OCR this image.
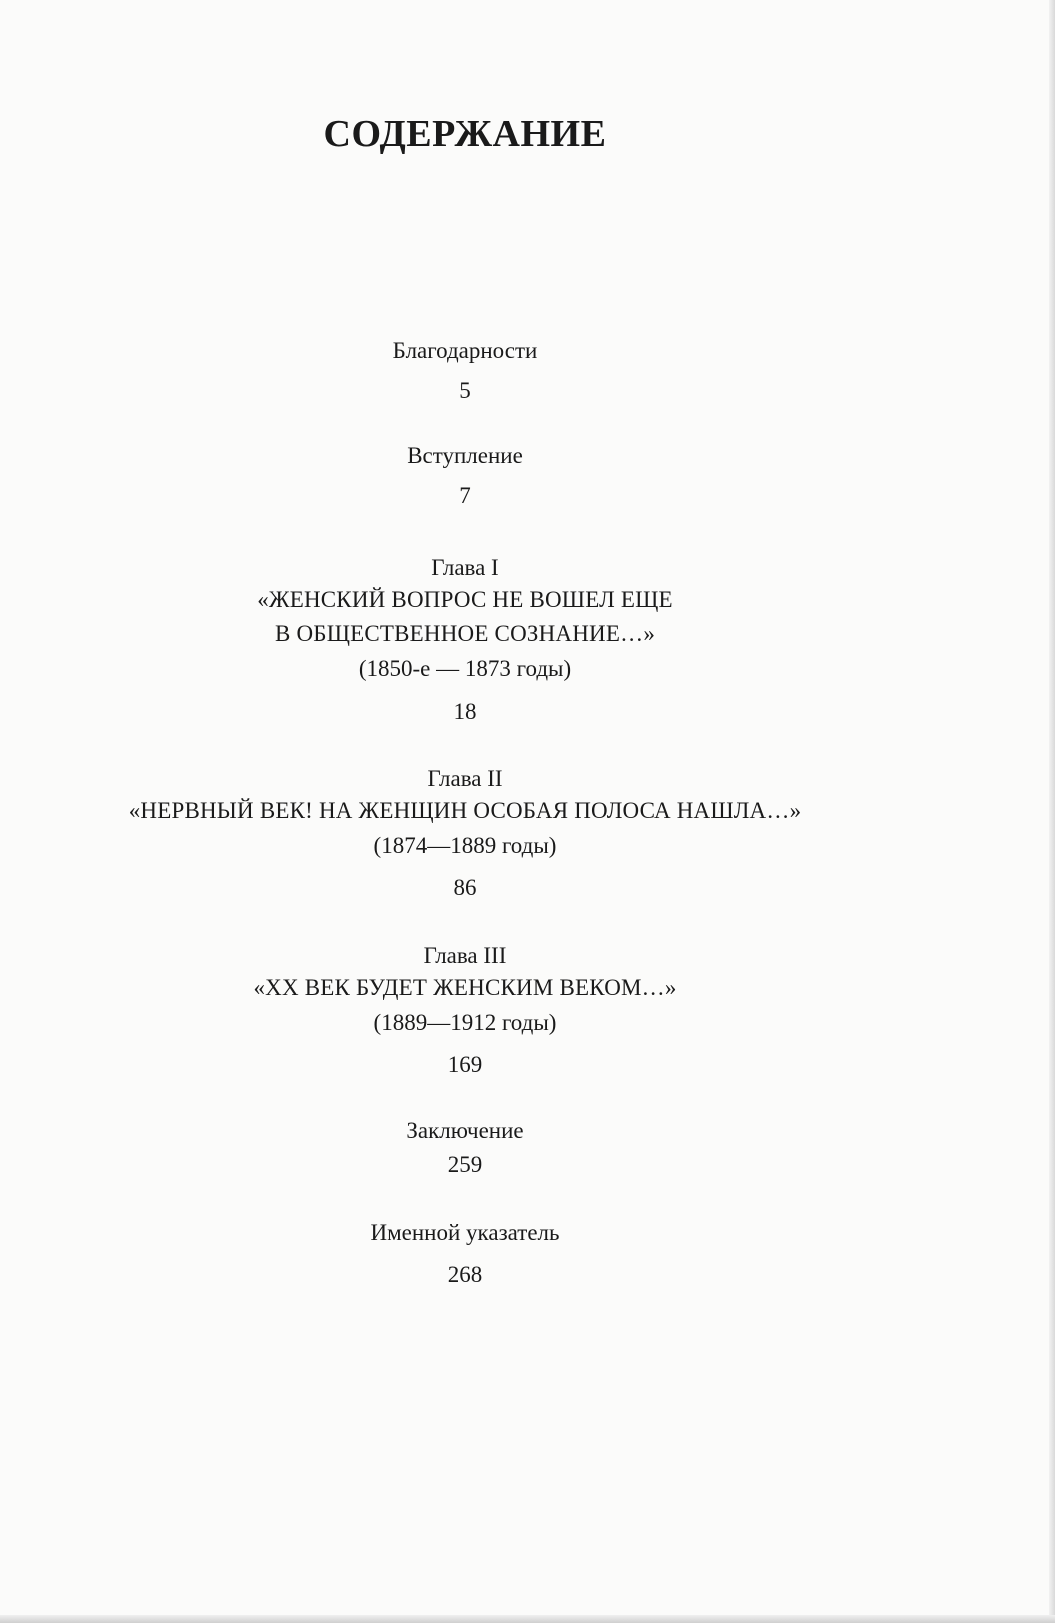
СОДЕРЖАНИЕ
Благодарности
5
Вступление
7
Глава I
«ЖЕНСКИЙ ВОПРОС НЕ ВОШЕЛ ЕЩЕ
В ОБЩЕСТВЕННОЕ СОЗНАНИЕ…»
(1850-е — 1873 годы)
18
Глава II
«НЕРВНЫЙ ВЕК! НА ЖЕНЩИН ОСОБАЯ ПОЛОСА НАШЛА…»
(1874—1889 годы)
86
Глава III
«XX ВЕК БУДЕТ ЖЕНСКИМ ВЕКОМ…»
(1889—1912 годы)
169
Заключение
259
Именной указатель
268
